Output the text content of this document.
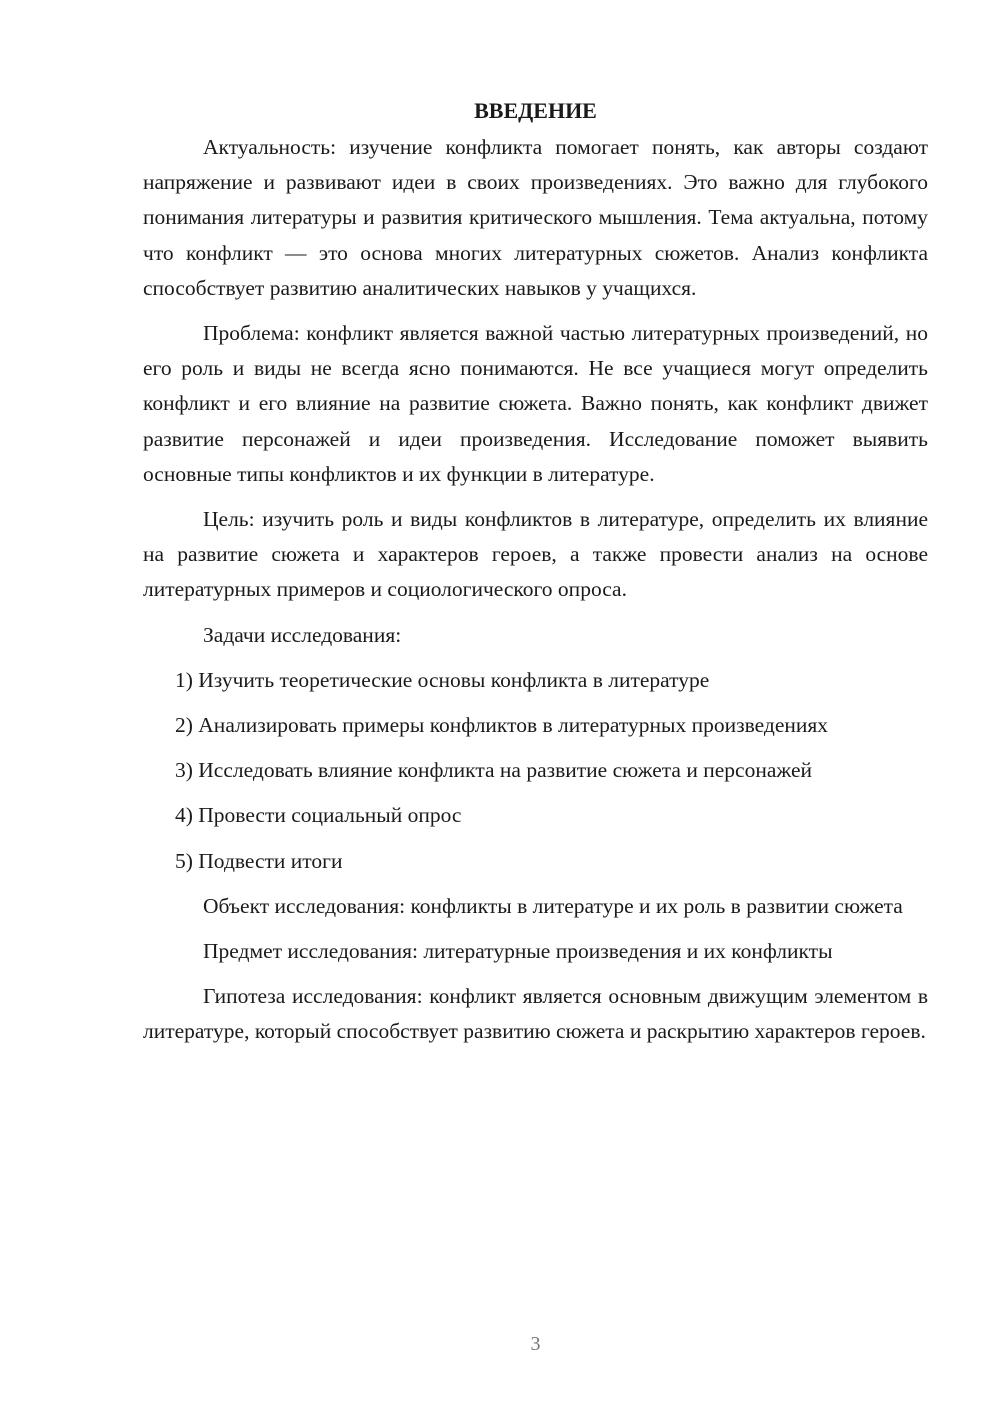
ВВЕДЕНИЕ

Актуальность: изучение конфликта помогает понять, как авторы создают напряжение и развивают идеи в своих произведениях. Это важно для глубокого понимания литературы и развития критического мышления. Тема актуальна, потому что конфликт — это основа многих литературных сюжетов. Анализ конфликта способствует развитию аналитических навыков у учащихся.

Проблема: конфликт является важной частью литературных произведений, но его роль и виды не всегда ясно понимаются. Не все учащиеся могут определить конфликт и его влияние на развитие сюжета. Важно понять, как конфликт движет развитие персонажей и идеи произведения. Исследование поможет выявить основные типы конфликтов и их функции в литературе.

Цель: изучить роль и виды конфликтов в литературе, определить их влияние на развитие сюжета и характеров героев, а также провести анализ на основе литературных примеров и социологического опроса.

Задачи исследования:

1) Изучить теоретические основы конфликта в литературе

2) Анализировать примеры конфликтов в литературных произведениях

3) Исследовать влияние конфликта на развитие сюжета и персонажей

4) Провести социальный опрос

5) Подвести итоги

Объект исследования: конфликты в литературе и их роль в развитии сюжета

Предмет исследования: литературные произведения и их конфликты

Гипотеза исследования: конфликт является основным движущим элементом в литературе, который способствует развитию сюжета и раскрытию характеров героев.

3
